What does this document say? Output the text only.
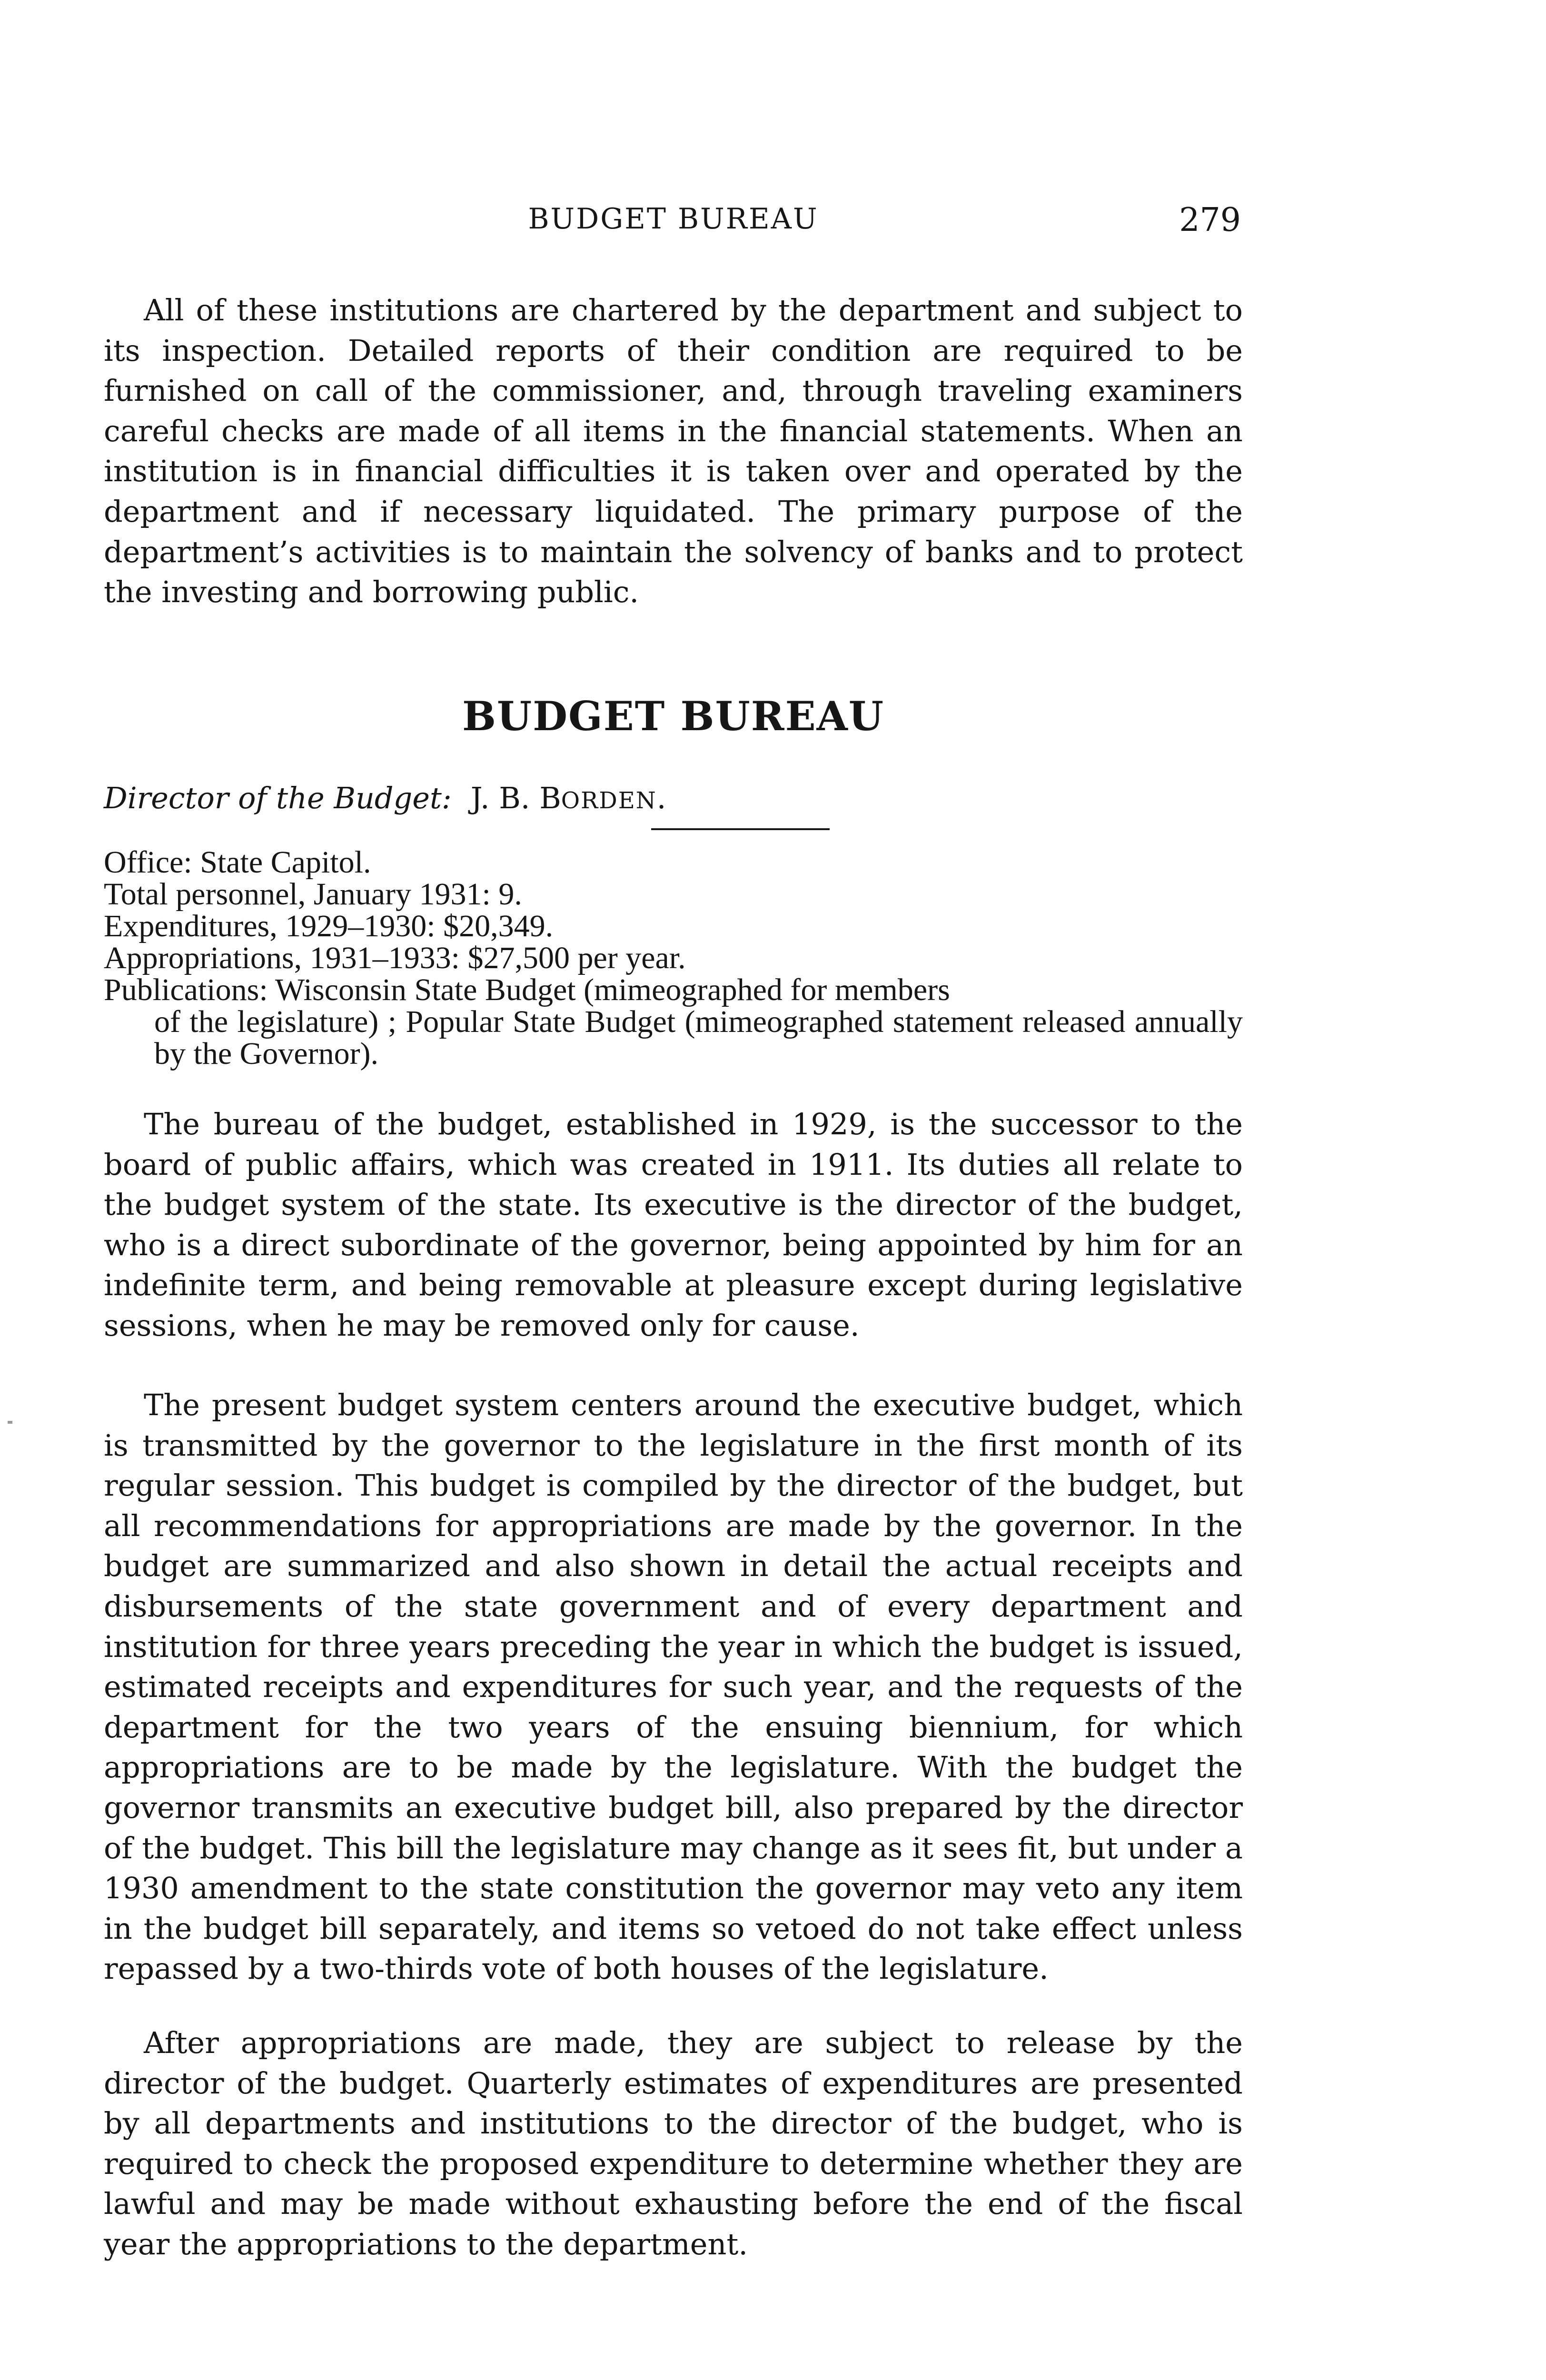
BUDGET BUREAU	279

All of these institutions are chartered by the department and subject to its inspection. Detailed reports of their condition are required to be furnished on call of the commissioner, and, through traveling examiners careful checks are made of all items in the financial statements. When an institution is in financial difficulties it is taken over and operated by the department and if necessary liquidated. The primary purpose of the department’s activities is to maintain the solvency of banks and to protect the investing and borrowing public.

BUDGET BUREAU
Director of the Budget: J. B. BORDEN.
Office: State Capitol.
Total personnel, January 1931: 9.
Expenditures, 1929–1930: $20,349.
Appropriations, 1931–1933: $27,500 per year.
Publications: Wisconsin State Budget (mimeographed for members
of the legislature) ; Popular State Budget (mimeographed statement released annually by the Governor).

The bureau of the budget, established in 1929, is the successor to the board of public affairs, which was created in 1911. Its duties all relate to the budget system of the state. Its executive is the director of the budget, who is a direct subordinate of the governor, being appointed by him for an indefinite term, and being removable at pleasure except during legislative sessions, when he may be removed only for cause.

The present budget system centers around the executive budget, which is transmitted by the governor to the legislature in the first month of its regular session. This budget is compiled by the director of the budget, but all recommendations for appropriations are made by the governor. In the budget are summarized and also shown in detail the actual receipts and disbursements of the state government and of every department and institution for three years preceding the year in which the budget is issued, estimated receipts and expenditures for such year, and the requests of the department for the two years of the ensuing biennium, for which appropriations are to be made by the legislature. With the budget the governor transmits an executive budget bill, also prepared by the director of the budget. This bill the legislature may change as it sees fit, but under a 1930 amendment to the state constitution the governor may veto any item in the budget bill separately, and items so vetoed do not take effect unless repassed by a two-thirds vote of both houses of the legislature.

After appropriations are made, they are subject to release by the director of the budget. Quarterly estimates of expenditures are presented by all departments and institutions to the director of the budget, who is required to check the proposed expenditure to determine whether they are lawful and may be made without exhausting before the end of the fiscal year the appropriations to the department.
